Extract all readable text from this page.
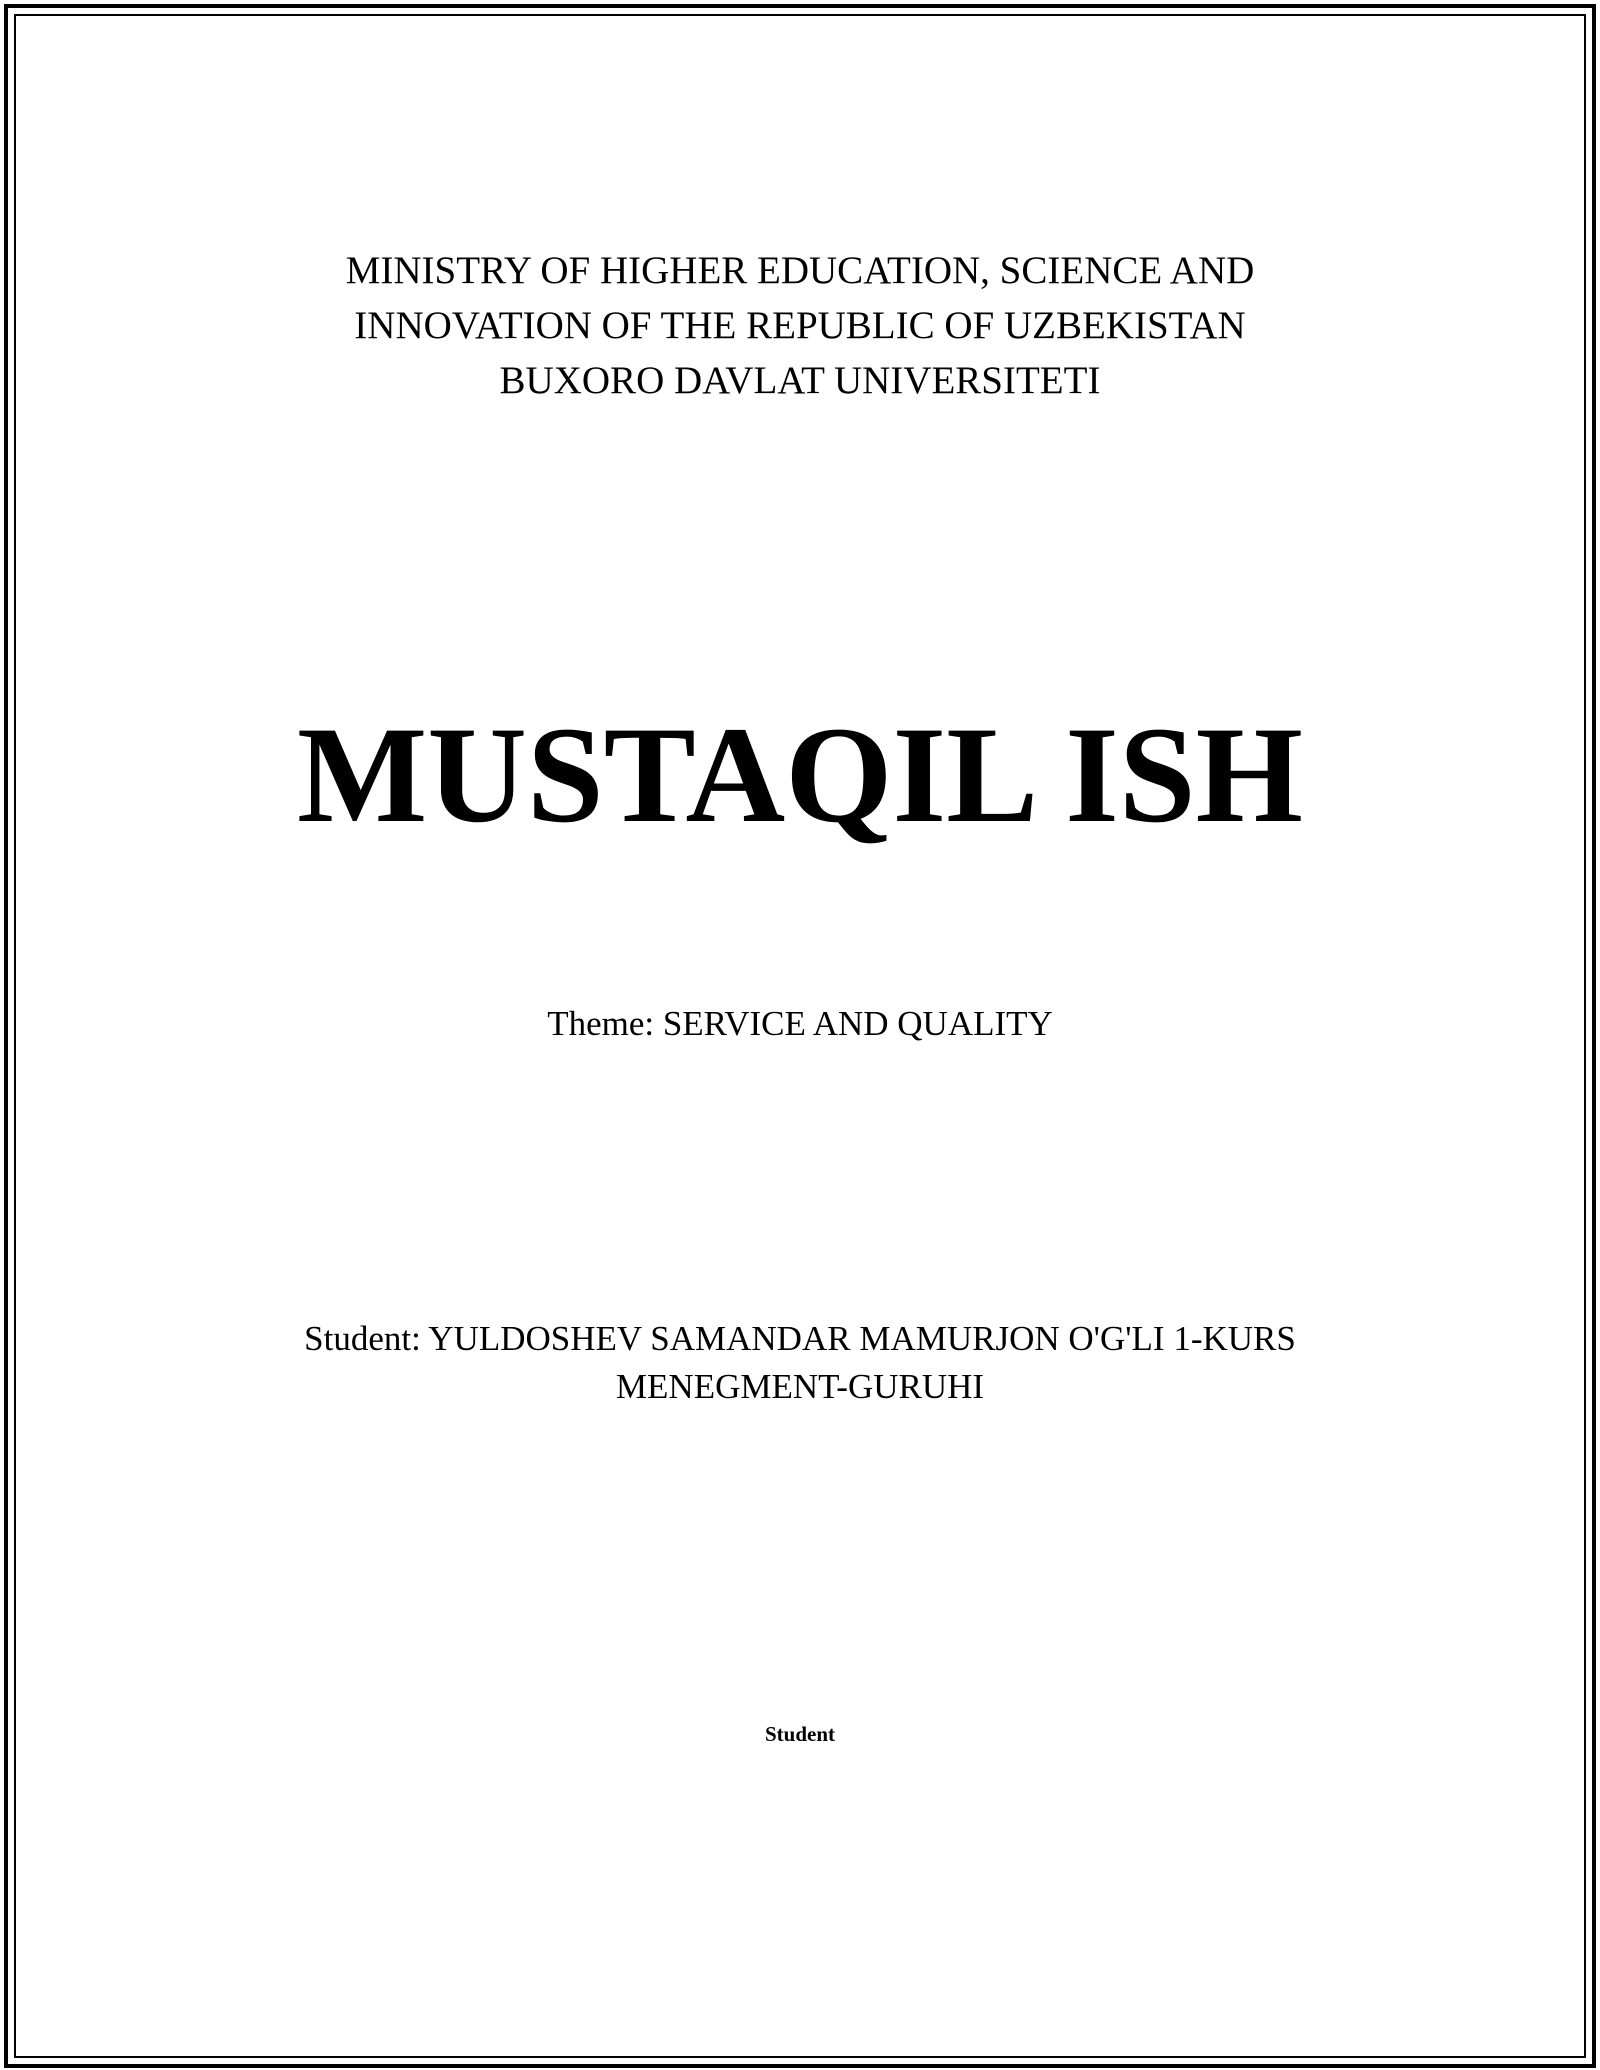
MINISTRY OF HIGHER EDUCATION, SCIENCE AND
INNOVATION OF THE REPUBLIC OF UZBEKISTAN
BUXORO DAVLAT UNIVERSITETI
MUSTAQIL ISH
Theme: SERVICE AND QUALITY
Student: YULDOSHEV SAMANDAR MAMURJON O'G'LI 1-KURS
MENEGMENT-GURUHI
Student
